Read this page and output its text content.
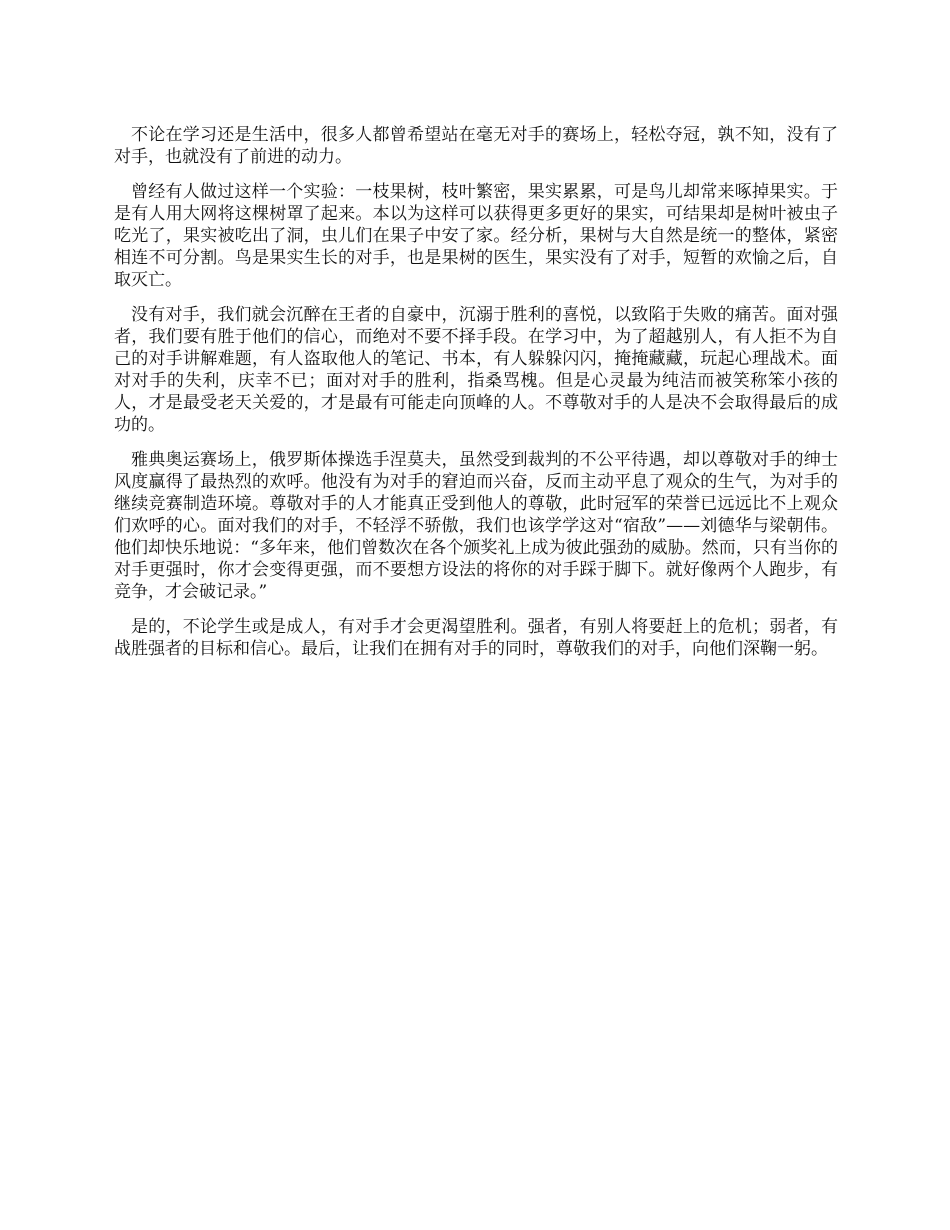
不论在学习还是生活中，很多人都曾希望站在毫无对手的赛场上，轻松夺冠，孰不知，没有了对手，也就没有了前进的动力。

曾经有人做过这样一个实验：一枝果树，枝叶繁密，果实累累，可是鸟儿却常来啄掉果实。于是有人用大网将这棵树罩了起来。本以为这样可以获得更多更好的果实，可结果却是树叶被虫子吃光了，果实被吃出了洞，虫儿们在果子中安了家。经分析，果树与大自然是统一的整体，紧密相连不可分割。鸟是果实生长的对手，也是果树的医生，果实没有了对手，短暂的欢愉之后，自取灭亡。

没有对手，我们就会沉醉在王者的自豪中，沉溺于胜利的喜悦，以致陷于失败的痛苦。面对强者，我们要有胜于他们的信心，而绝对不要不择手段。在学习中，为了超越别人，有人拒不为自己的对手讲解难题，有人盗取他人的笔记、书本，有人躲躲闪闪，掩掩藏藏，玩起心理战术。面对对手的失利，庆幸不已；面对对手的胜利，指桑骂槐。但是心灵最为纯洁而被笑称笨小孩的人，才是最受老天关爱的，才是最有可能走向顶峰的人。不尊敬对手的人是决不会取得最后的成功的。

雅典奥运赛场上，俄罗斯体操选手涅莫夫，虽然受到裁判的不公平待遇，却以尊敬对手的绅士风度赢得了最热烈的欢呼。他没有为对手的窘迫而兴奋，反而主动平息了观众的生气，为对手的继续竞赛制造环境。尊敬对手的人才能真正受到他人的尊敬，此时冠军的荣誉已远远比不上观众们欢呼的心。面对我们的对手，不轻浮不骄傲，我们也该学学这对“宿敌”——刘德华与梁朝伟。他们却快乐地说：“多年来，他们曾数次在各个颁奖礼上成为彼此强劲的威胁。然而，只有当你的对手更强时，你才会变得更强，而不要想方设法的将你的对手踩于脚下。就好像两个人跑步，有竞争，才会破记录。”

是的，不论学生或是成人，有对手才会更渴望胜利。强者，有别人将要赶上的危机；弱者，有战胜强者的目标和信心。最后，让我们在拥有对手的同时，尊敬我们的对手，向他们深鞠一躬。
